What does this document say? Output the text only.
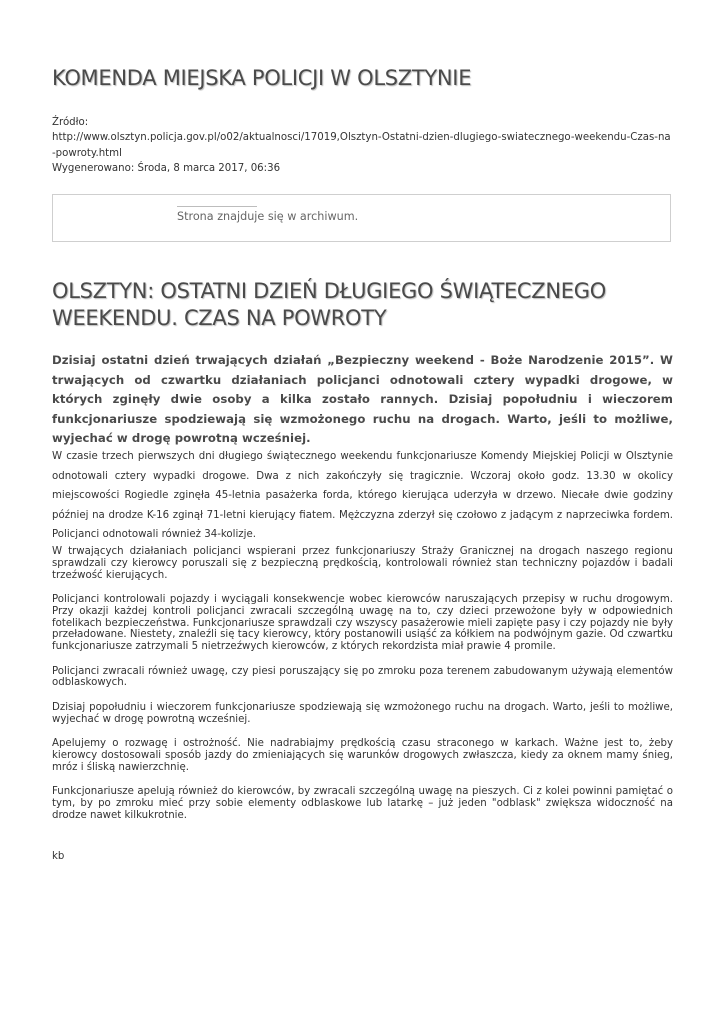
KOMENDA MIEJSKA POLICJI W OLSZTYNIE
Źródło:
http://www.olsztyn.policja.gov.pl/o02/aktualnosci/17019,Olsztyn-Ostatni-dzien-dlugiego-swiatecznego-weekendu-Czas-na-powroty.html
Wygenerowano: Środa, 8 marca 2017, 06:36
Strona znajduje się w archiwum.
OLSZTYN: OSTATNI DZIEŃ DŁUGIEGO ŚWIĄTECZNEGO WEEKENDU. CZAS NA POWROTY

Dzisiaj ostatni dzień trwających działań „Bezpieczny weekend - Boże Narodzenie 2015”. W trwających od czwartku działaniach policjanci odnotowali cztery wypadki drogowe, w których zginęły dwie osoby a kilka zostało rannych. Dzisiaj popołudniu i wieczorem funkcjonariusze spodziewają się wzmożonego ruchu na drogach. Warto, jeśli to możliwe, wyjechać w drogę powrotną wcześniej.

W czasie trzech pierwszych dni długiego świątecznego weekendu funkcjonariusze Komendy Miejskiej Policji w Olsztynie odnotowali cztery wypadki drogowe. Dwa z nich zakończyły się tragicznie. Wczoraj około godz. 13.30 w okolicy miejscowości Rogiedle zginęła 45-letnia pasażerka forda, którego kierująca uderzyła w drzewo. Niecałe dwie godziny później na drodze K-16 zginął 71-letni kierujący fiatem. Mężczyzna zderzył się czołowo z jadącym z naprzeciwka fordem. Policjanci odnotowali również 34-kolizje.

W trwających działaniach policjanci wspierani przez funkcjonariuszy Straży Granicznej na drogach naszego regionu sprawdzali czy kierowcy poruszali się z bezpieczną prędkością, kontrolowali również stan techniczny pojazdów i badali trzeźwość kierujących.

Policjanci kontrolowali pojazdy i wyciągali konsekwencje wobec kierowców naruszających przepisy w ruchu drogowym. Przy okazji każdej kontroli policjanci zwracali szczególną uwagę na to, czy dzieci przewożone były w odpowiednich fotelikach bezpieczeństwa. Funkcjonariusze sprawdzali czy wszyscy pasażerowie mieli zapięte pasy i czy pojazdy nie były przeładowane. Niestety, znaleźli się tacy kierowcy, który postanowili usiąść za kółkiem na podwójnym gazie. Od czwartku funkcjonariusze zatrzymali 5 nietrzeźwych kierowców, z których rekordzista miał prawie 4 promile.

Policjanci zwracali również uwagę, czy piesi poruszający się po zmroku poza terenem zabudowanym używają elementów odblaskowych.

Dzisiaj popołudniu i wieczorem funkcjonariusze spodziewają się wzmożonego ruchu na drogach. Warto, jeśli to możliwe, wyjechać w drogę powrotną wcześniej.

Apelujemy o rozwagę i ostrożność. Nie nadrabiajmy prędkością czasu straconego w karkach. Ważne jest to, żeby kierowcy dostosowali sposób jazdy do zmieniających się warunków drogowych zwłaszcza, kiedy za oknem mamy śnieg, mróz i śliską nawierzchnię.

Funkcjonariusze apelują również do kierowców, by zwracali szczególną uwagę na pieszych. Ci z kolei powinni pamiętać o tym, by po zmroku mieć przy sobie elementy odblaskowe lub latarkę – już jeden "odblask" zwiększa widoczność na drodze nawet kilkukrotnie.

kb
